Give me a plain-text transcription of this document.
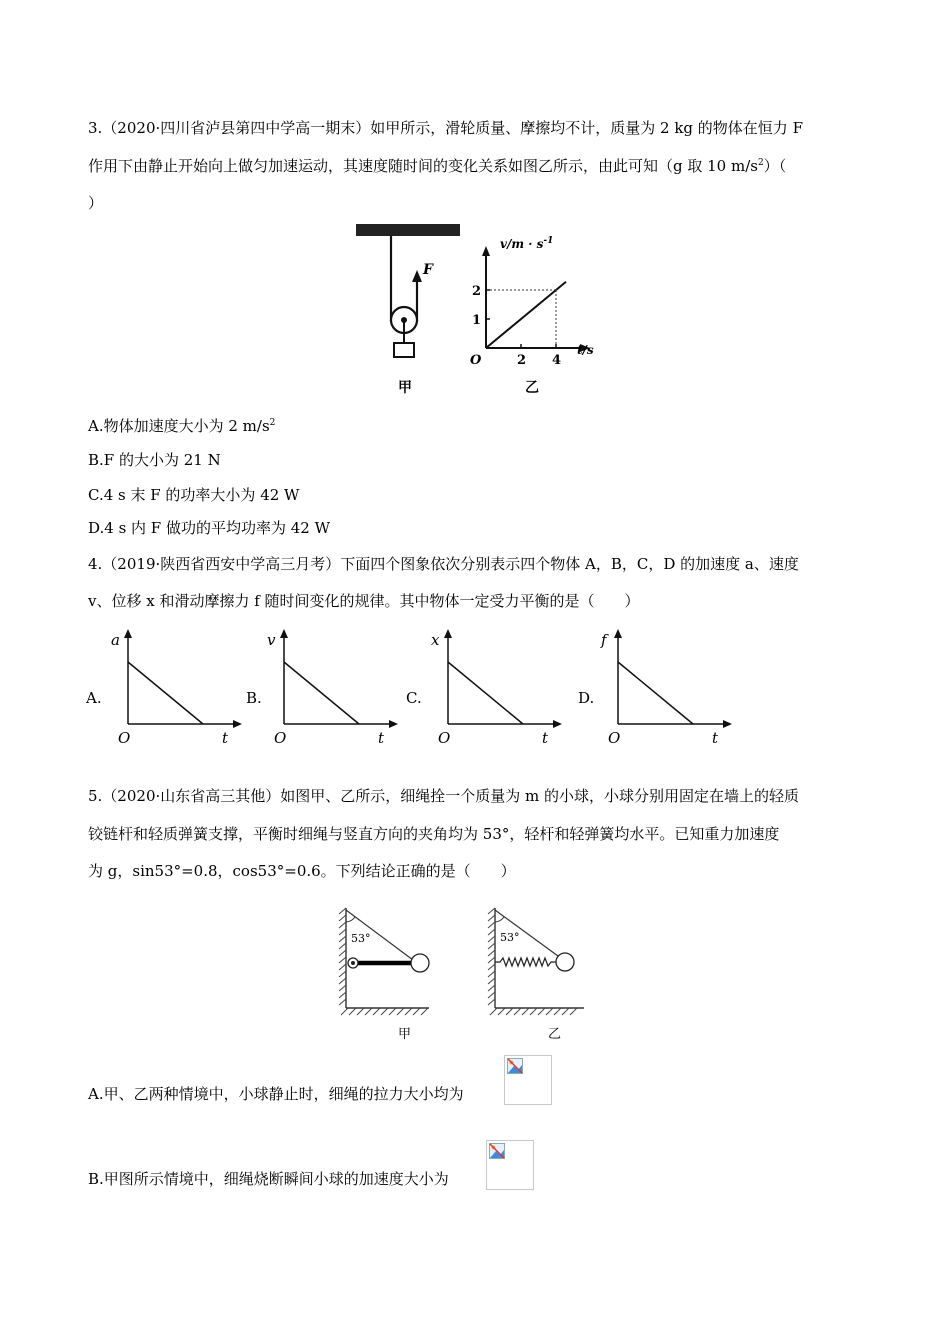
3.（2020·四川省泸县第四中学高一期末）如甲所示，滑轮质量、摩擦均不计，质量为 2 kg 的物体在恒力 F
作用下由静止开始向上做匀加速运动，其速度随时间的变化关系如图乙所示，由此可知（g 取 10 $m/s^2$）（
）
F
甲
$v/m \cdot s^{-1}$
t/s
O
1
2
2 4
乙
A.物体加速度大小为 2 $m/s^2$
B.F 的大小为 21 N
C.4 s 末 F 的功率大小为 42 W
D.4 s 内 F 做功的平均功率为 42 W
4.（2019·陕西省西安中学高三月考）下面四个图象依次分别表示四个物体 A，B，C，D 的加速度 a、速度
v、位移 x 和滑动摩擦力 f 随时间变化的规律。其中物体一定受力平衡的是（　　）
A.
a
O	t
B.
v
O	t
C.
x
O	t
D.
f
O	t
5.（2020·山东省高三其他）如图甲、乙所示，细绳拴一个质量为 m 的小球，小球分别用固定在墙上的轻质
铰链杆和轻质弹簧支撑，平衡时细绳与竖直方向的夹角均为 53°，轻杆和轻弹簧均水平。已知重力加速度
为 g，sin53°=0.8，cos53°=0.6。下列结论正确的是（　　）
53°
甲
53°
乙
A.甲、乙两种情境中，小球静止时，细绳的拉力大小均为
B.甲图所示情境中，细绳烧断瞬间小球的加速度大小为
